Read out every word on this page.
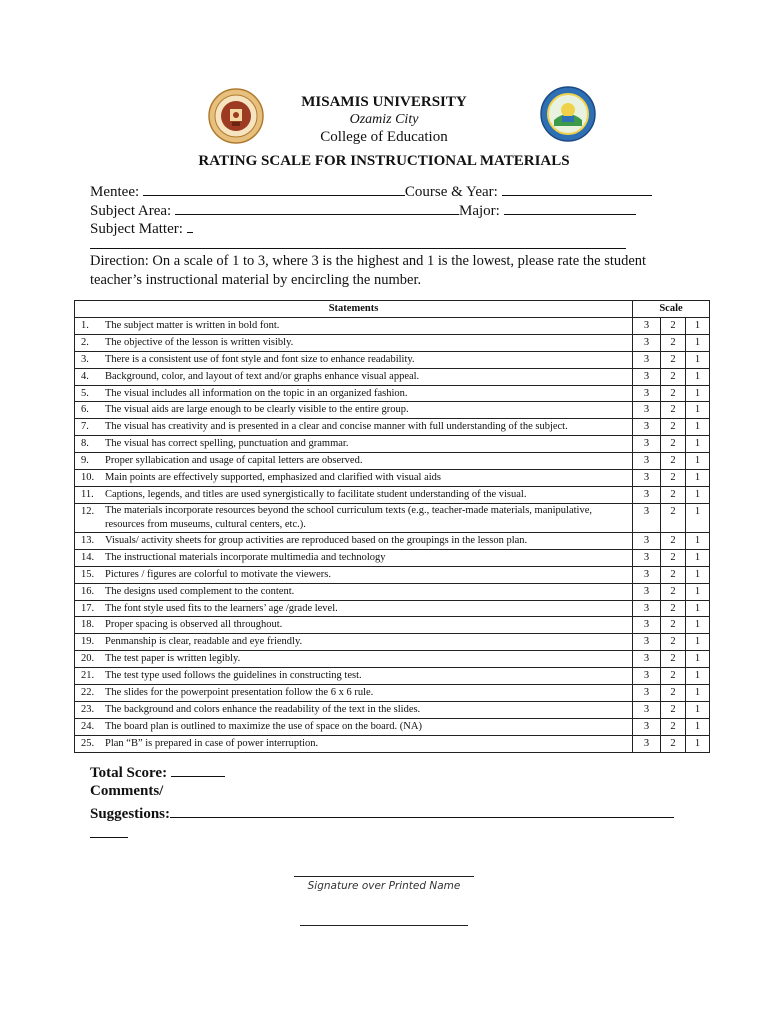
MISAMIS UNIVERSITY
Ozamiz City
College of Education
RATING SCALE FOR INSTRUCTIONAL MATERIALS
Mentee:	Course & Year:
Subject Area:	Major:
Subject Matter:
Direction: On a scale of 1 to 3, where 3 is the highest and 1 is the lowest, please rate the student teacher’s instructional material by encircling the number.
Statements		Scale		
1.	The subject matter is written in bold font.	3	2	1
2.	The objective of the lesson is written visibly.	3	2	1
3.	There is a consistent use of font style and font size to enhance readability.	3	2	1
4.	Background, color, and layout of text and/or graphs enhance visual appeal.	3	2	1
5.	The visual includes all information on the topic in an organized fashion.	3	2	1
6.	The visual aids are large enough to be clearly visible to the entire group.	3	2	1
7.	The visual has creativity and is presented in a clear and concise manner with full understanding of the subject.	3	2	1
8.	The visual has correct spelling, punctuation and grammar.	3	2	1
9.	Proper syllabication and usage of capital letters are observed.	3	2	1
10.	Main points are effectively supported, emphasized and clarified with visual aids	3	2	1
11.	Captions, legends, and titles are used synergistically to facilitate student understanding of the visual.	3	2	1
12.	The materials incorporate resources beyond the school curriculum texts (e.g., teacher-made materials, manipulative, resources from museums, cultural centers, etc.).	3	2	1
13.	Visuals/ activity sheets for group activities are reproduced based on the groupings in the lesson plan.	3	2	1
14.	The instructional materials incorporate multimedia and technology	3	2	1
15.	Pictures / figures are colorful to motivate the viewers.	3	2	1
16.	The designs used complement to the content.	3	2	1
17.	The font style used fits to the learners’ age /grade level.	3	2	1
18.	Proper spacing is observed all throughout.	3	2	1
19.	Penmanship is clear, readable and eye friendly.	3	2	1
20.	The test paper is written legibly.	3	2	1
21.	The test type used follows the guidelines in constructing test.	3	2	1
22.	The slides for the powerpoint presentation follow the 6 x 6 rule.	3	2	1
23.	The background and colors enhance the readability of the text in the slides.	3	2	1
24.	The board plan is outlined to maximize the use of space on the board. (NA)	3	2	1
25.	Plan “B” is prepared in case of power interruption.	3	2	1
Total Score:
Comments/
Suggestions:
Signature over Printed Name
